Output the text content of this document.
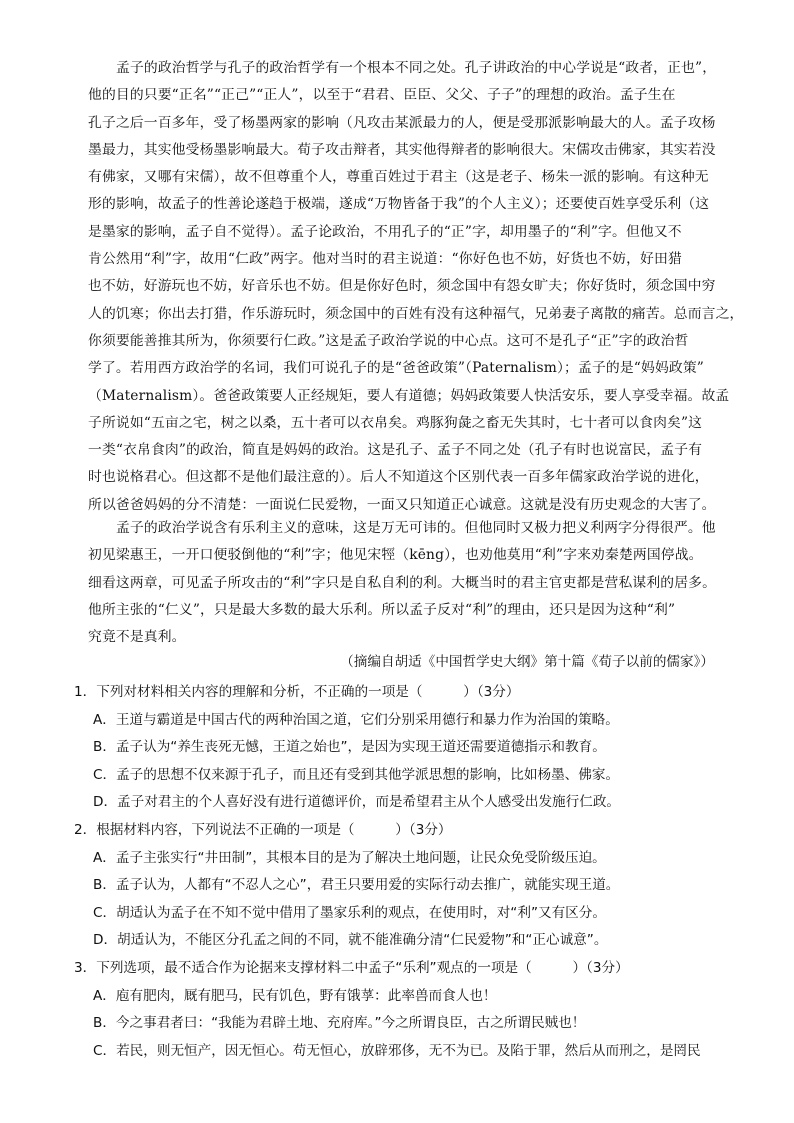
孟子的政治哲学与孔子的政治哲学有一个根本不同之处。孔子讲政治的中心学说是“政者，正也”，
他的目的只要“正名”“正己”“正人”，以至于“君君、臣臣、父父、子子”的理想的政治。孟子生在
孔子之后一百多年，受了杨墨两家的影响（凡攻击某派最力的人，便是受那派影响最大的人。孟子攻杨
墨最力，其实他受杨墨影响最大。荀子攻击辩者，其实他得辩者的影响很大。宋儒攻击佛家，其实若没
有佛家，又哪有宋儒），故不但尊重个人，尊重百姓过于君主（这是老子、杨朱一派的影响。有这种无
形的影响，故孟子的性善论遂趋于极端，遂成“万物皆备于我”的个人主义）；还要使百姓享受乐利（这
是墨家的影响，孟子自不觉得）。孟子论政治，不用孔子的“正”字，却用墨子的“利”字。但他又不
肯公然用“利”字，故用“仁政”两字。他对当时的君主说道：“你好色也不妨，好货也不妨，好田猎
也不妨，好游玩也不妨，好音乐也不妨。但是你好色时，须念国中有怨女旷夫；你好货时，须念国中穷
人的饥寒；你出去打猎，作乐游玩时，须念国中的百姓有没有这种福气，兄弟妻子离散的痛苦。总而言之，
你须要能善推其所为，你须要行仁政。”这是孟子政治学说的中心点。这可不是孔子“正”字的政治哲
学了。若用西方政治学的名词，我们可说孔子的是“爸爸政策”（Paternalism）；孟子的是“妈妈政策”
（Maternalism）。爸爸政策要人正经规矩，要人有道德；妈妈政策要人快活安乐，要人享受幸福。故孟
子所说如“五亩之宅，树之以桑，五十者可以衣帛矣。鸡豚狗彘之畜无失其时，七十者可以食肉矣”这
一类“衣帛食肉”的政治，简直是妈妈的政治。这是孔子、孟子不同之处（孔子有时也说富民，孟子有
时也说格君心。但这都不是他们最注意的）。后人不知道这个区别代表一百多年儒家政治学说的进化，
所以爸爸妈妈的分不清楚：一面说仁民爱物，一面又只知道正心诚意。这就是没有历史观念的大害了。
孟子的政治学说含有乐利主义的意味，这是万无可讳的。但他同时又极力把义利两字分得很严。他
初见梁惠王，一开口便驳倒他的“利”字；他见宋牼（kēng），也劝他莫用“利”字来劝秦楚两国停战。
细看这两章，可见孟子所攻击的“利”字只是自私自利的利。大概当时的君主官吏都是营私谋利的居多。
他所主张的“仁义”，只是最大多数的最大乐利。所以孟子反对“利”的理由，还只是因为这种“利”
究竟不是真利。
（摘编自胡适《中国哲学史大纲》第十篇《荀子以前的儒家》）
1．下列对材料相关内容的理解和分析，不正确的一项是（　　　）（3分）
A．王道与霸道是中国古代的两种治国之道，它们分别采用德行和暴力作为治国的策略。
B．孟子认为“养生丧死无憾，王道之始也”，是因为实现王道还需要道德指示和教育。
C．孟子的思想不仅来源于孔子，而且还有受到其他学派思想的影响，比如杨墨、佛家。
D．孟子对君主的个人喜好没有进行道德评价，而是希望君主从个人感受出发施行仁政。
2．根据材料内容，下列说法不正确的一项是（　　　）（3分）
A．孟子主张实行“井田制”，其根本目的是为了解决土地问题，让民众免受阶级压迫。
B．孟子认为，人都有“不忍人之心”，君王只要用爱的实际行动去推广，就能实现王道。
C．胡适认为孟子在不知不觉中借用了墨家乐利的观点，在使用时，对“利”又有区分。
D．胡适认为，不能区分孔孟之间的不同，就不能准确分清“仁民爱物”和“正心诚意”。
3．下列选项，最不适合作为论据来支撑材料二中孟子“乐利”观点的一项是（　　　）（3分）
A．庖有肥肉，厩有肥马，民有饥色，野有饿莩：此率兽而食人也！
B．今之事君者曰：“我能为君辟土地、充府库。”今之所谓良臣，古之所谓民贼也！
C．若民，则无恒产，因无恒心。苟无恒心，放辟邪侈，无不为已。及陷于罪，然后从而刑之，是罔民
